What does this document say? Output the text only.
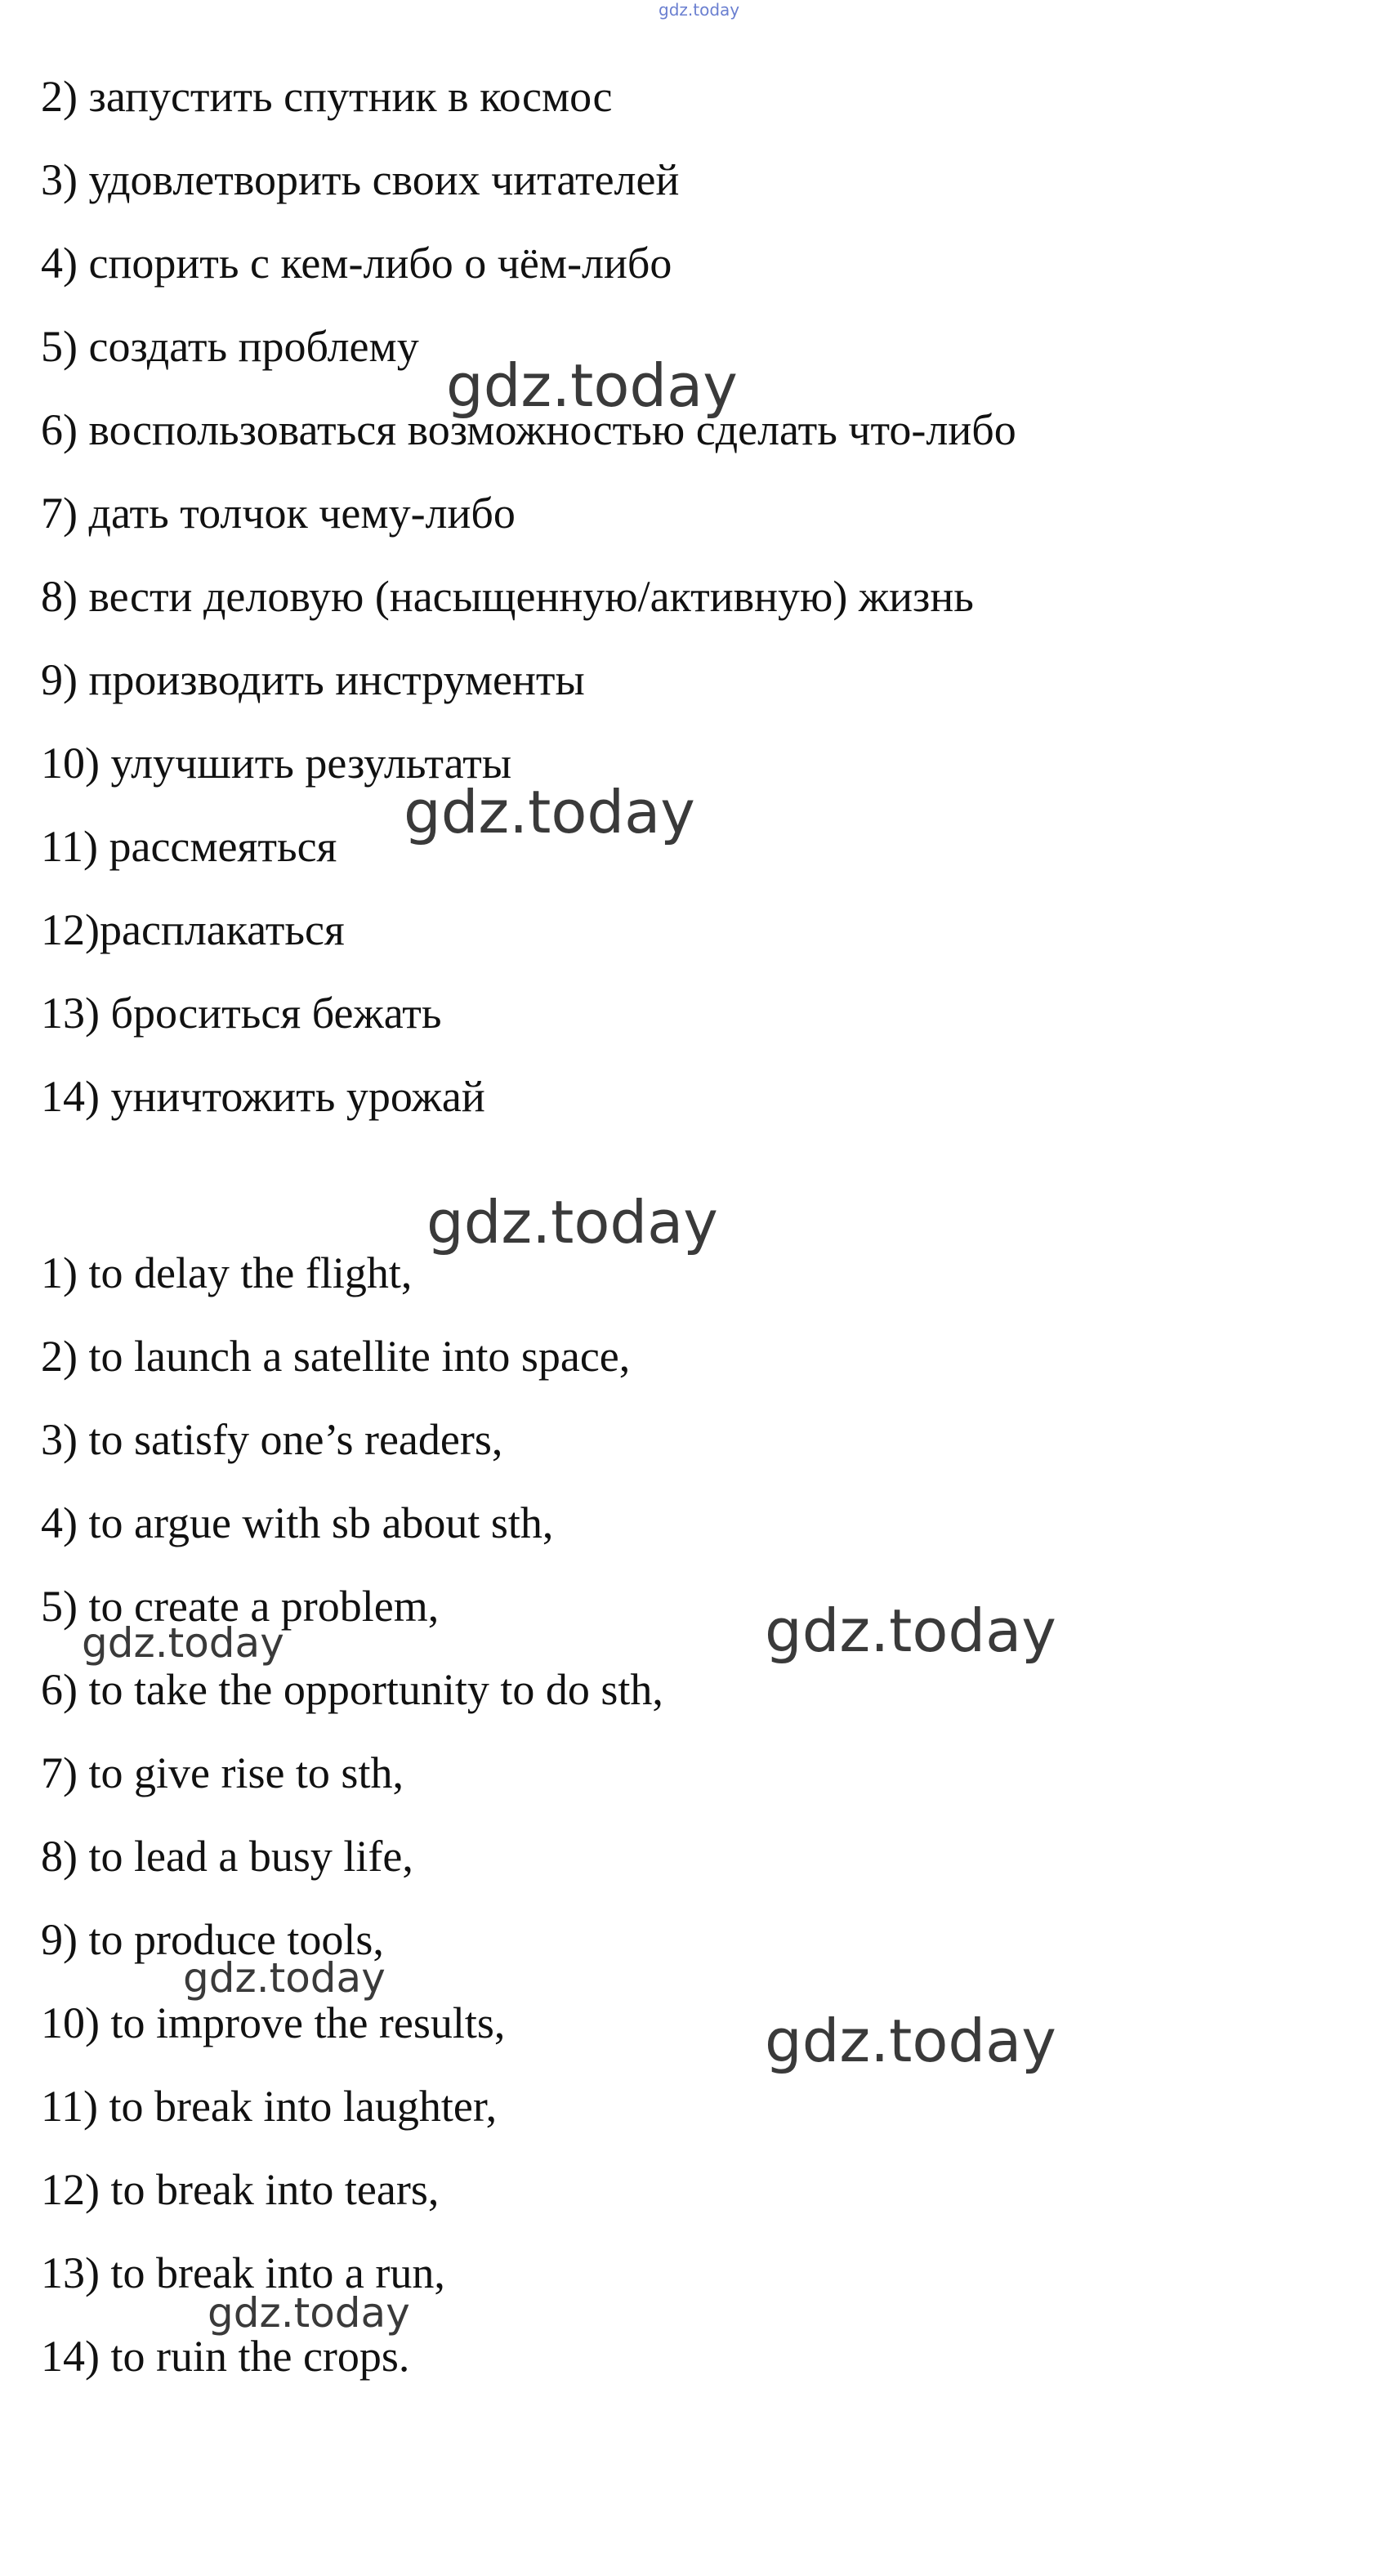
gdz.today

2) запустить спутник в космос

3) удовлетворить своих читателей

4) спорить с кем-либо о чём-либо

5) создать проблему

6) воспользоваться возможностью сделать что-либо

7) дать толчок чему-либо

8) вести деловую (насыщенную/активную) жизнь

9) производить инструменты

10) улучшить результаты

11) рассмеяться

12)расплакаться

13) броситься бежать

14) уничтожить урожай

1) to delay the flight,

2) to launch a satellite into space,

3) to satisfy one’s readers,

4) to argue with sb about sth,

5) to create a problem,

6) to take the opportunity to do sth,

7) to give rise to sth,

8) to lead a busy life,

9) to produce tools,

10) to improve the results,

11) to break into laughter,

12) to break into tears,

13) to break into a run,

14) to ruin the crops.

gdz.today
gdz.today
gdz.today
gdz.today	gdz.today
gdz.today
gdz.today
gdz.today
